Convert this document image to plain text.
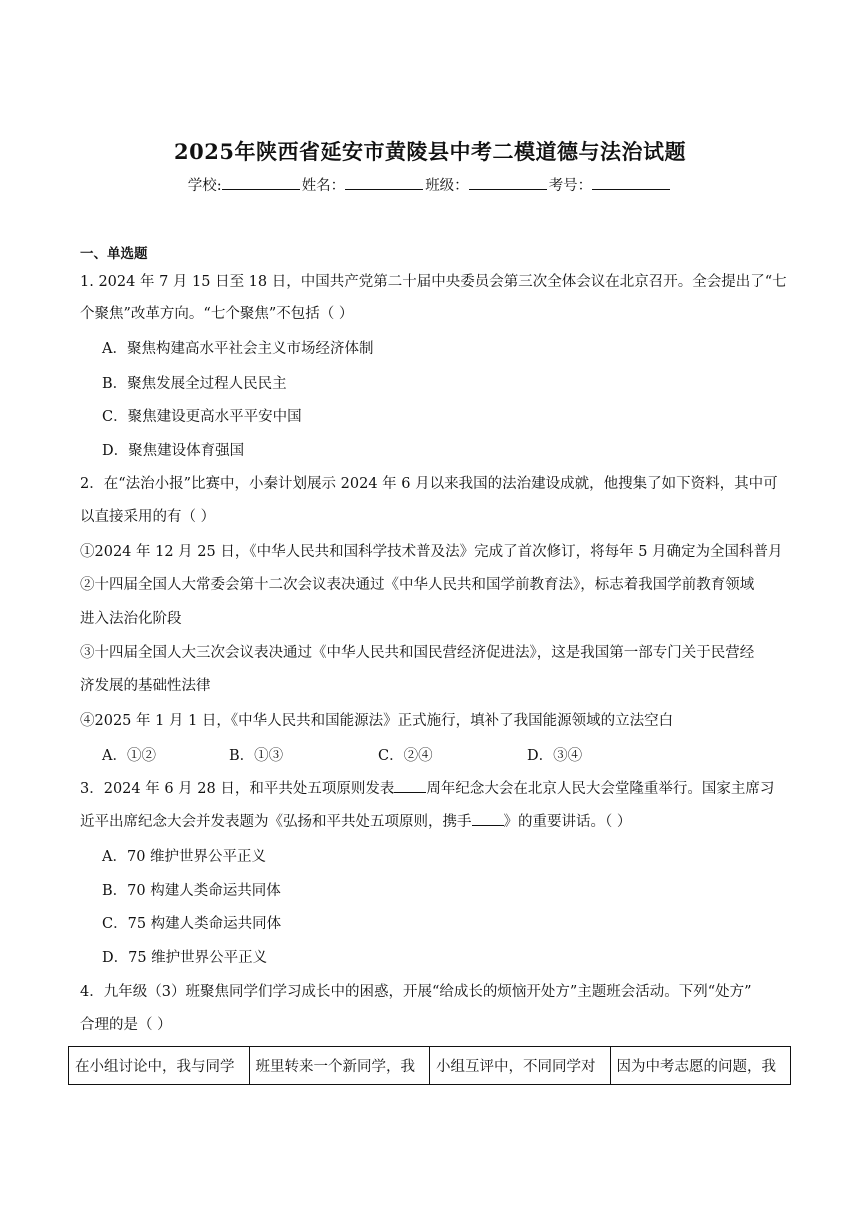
2025年陕西省延安市黄陵县中考二模道德与法治试题
学校:	姓名：	班级：	考号：
一、单选题
1. 2024 年 7 月 15 日至 18 日，中国共产党第二十届中央委员会第三次全体会议在北京召开。全会提出了“七
个聚焦”改革方向。“七个聚焦”不包括（ ）
A．聚焦构建高水平社会主义市场经济体制
B．聚焦发展全过程人民民主
C．聚焦建设更高水平平安中国
D．聚焦建设体育强国
2．在“法治小报”比赛中，小秦计划展示 2024 年 6 月以来我国的法治建设成就，他搜集了如下资料，其中可
以直接采用的有（ ）
①2024 年 12 月 25 日，《中华人民共和国科学技术普及法》完成了首次修订，将每年 5 月确定为全国科普月
②十四届全国人大常委会第十二次会议表决通过《中华人民共和国学前教育法》，标志着我国学前教育领域
进入法治化阶段
③十四届全国人大三次会议表决通过《中华人民共和国民营经济促进法》，这是我国第一部专门关于民营经
济发展的基础性法律
④2025 年 1 月 1 日，《中华人民共和国能源法》正式施行，填补了我国能源领域的立法空白
A．①②	B．①③	C．②④	D．③④
3．2024 年 6 月 28 日，和平共处五项原则发表 周年纪念大会在北京人民大会堂隆重举行。国家主席习
近平出席纪念大会并发表题为《弘扬和平共处五项原则，携手 》的重要讲话。（ ）
A．70 维护世界公平正义
B．70 构建人类命运共同体
C．75 构建人类命运共同体
D．75 维护世界公平正义
4．九年级（3）班聚焦同学们学习成长中的困惑，开展“给成长的烦恼开处方”主题班会活动。下列“处方”
合理的是（ ）
在小组讨论中，我与同学	班里转来一个新同学，我	小组互评中，不同同学对	因为中考志愿的问题，我
